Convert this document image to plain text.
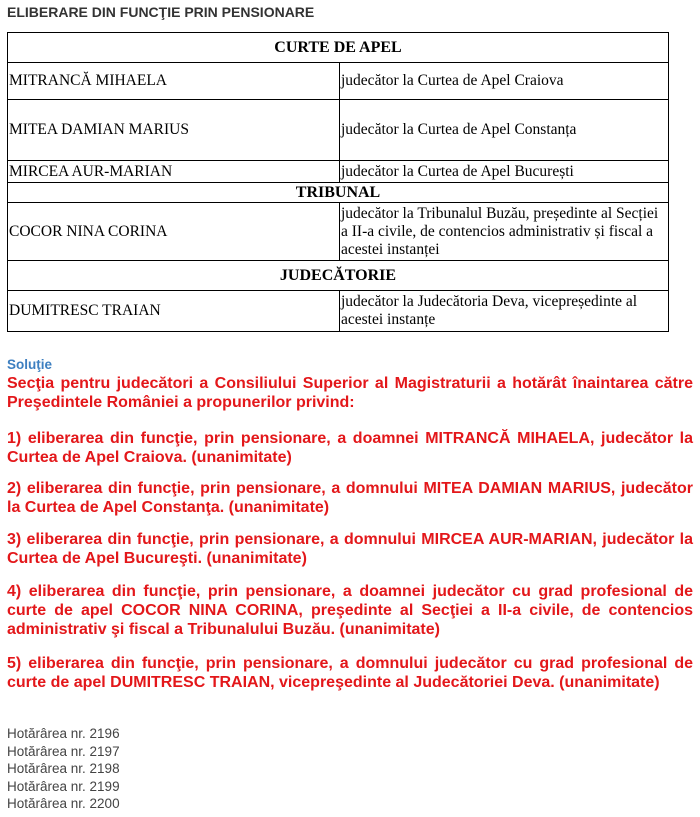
ELIBERARE DIN FUNCŢIE PRIN PENSIONARE
CURTE DE APEL	
MITRANCĂ MIHAELA	judecător la Curtea de Apel Craiova
MITEA DAMIAN MARIUS	judecător la Curtea de Apel Constanța
MIRCEA AUR-MARIAN	judecător la Curtea de Apel București
TRIBUNAL	
COCOR NINA CORINA	judecător la Tribunalul Buzău, președinte al Secției a II-a civile, de contencios administrativ și fiscal a acestei instanței
JUDECĂTORIE	
DUMITRESC TRAIAN	judecător la Judecătoria Deva, vicepreședinte al acestei instanțe
Soluţie
Secţia pentru judecători a Consiliului Superior al Magistraturii a hotărât înaintarea către Preşedintele României a propunerilor privind:
1) eliberarea din funcţie, prin pensionare, a doamnei MITRANCĂ MIHAELA, judecător la Curtea de Apel Craiova. (unanimitate)
2) eliberarea din funcţie, prin pensionare, a domnului MITEA DAMIAN MARIUS, judecător la Curtea de Apel Constanţa. (unanimitate)
3) eliberarea din funcţie, prin pensionare, a domnului MIRCEA AUR-MARIAN, judecător la Curtea de Apel Bucureşti. (unanimitate)
4) eliberarea din funcţie, prin pensionare, a doamnei judecător cu grad profesional de curte de apel COCOR NINA CORINA, preşedinte al Secţiei a II-a civile, de contencios administrativ şi fiscal a Tribunalului Buzău. (unanimitate)
5) eliberarea din funcţie, prin pensionare, a domnului judecător cu grad profesional de curte de apel DUMITRESC TRAIAN, vicepreşedinte al Judecătoriei Deva. (unanimitate)
Hotărârea nr. 2196
Hotărârea nr. 2197
Hotărârea nr. 2198
Hotărârea nr. 2199
Hotărârea nr. 2200
